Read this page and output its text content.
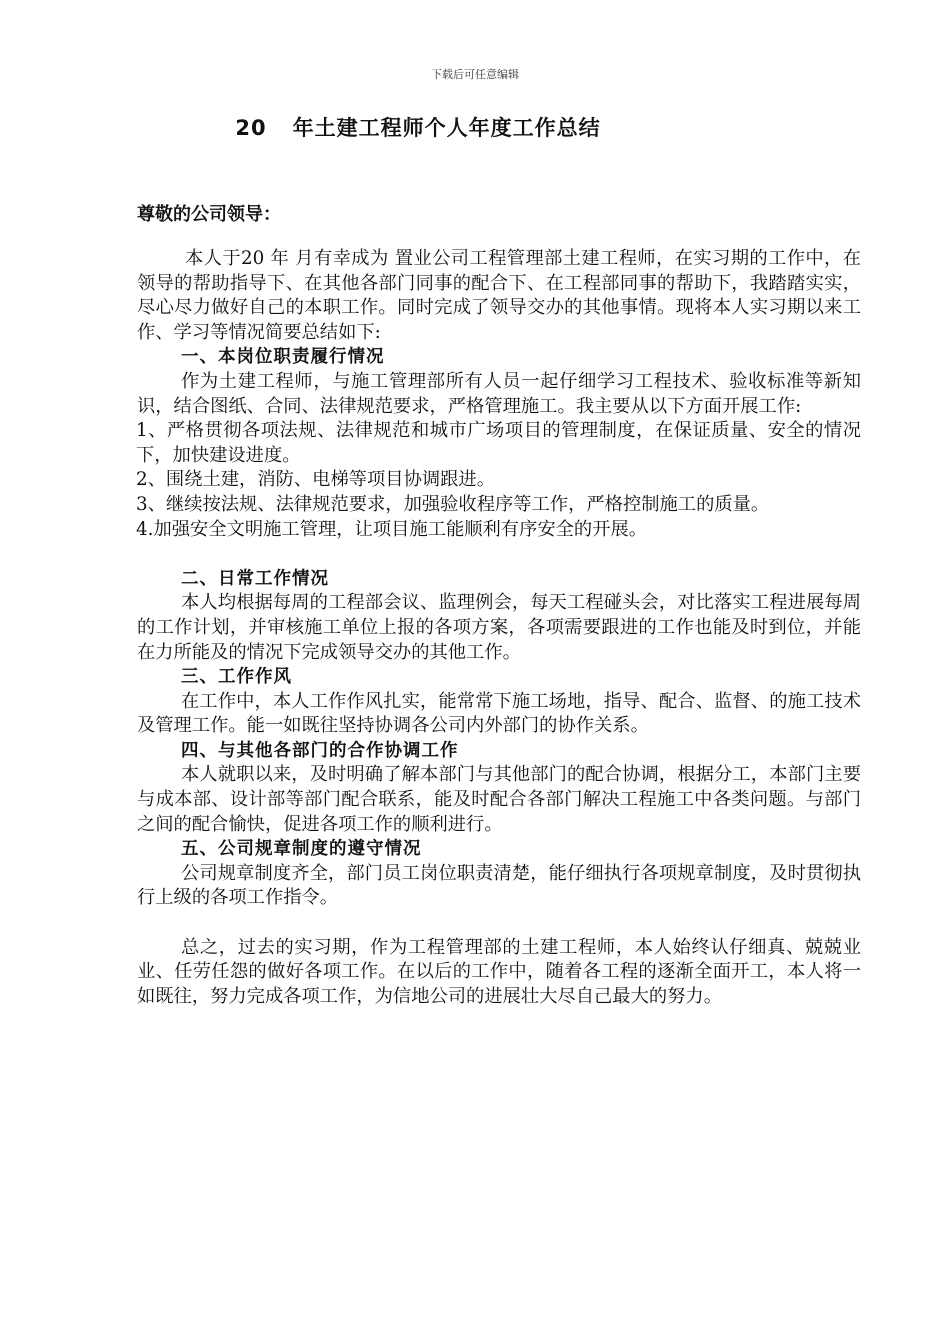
下载后可任意编辑
20 年土建工程师个人年度工作总结
尊敬的公司领导：

本人于20 年 月有幸成为 置业公司工程管理部土建工程师，在实习期的工作中，在领导的帮助指导下、在其他各部门同事的配合下、在工程部同事的帮助下，我踏踏实实，尽心尽力做好自己的本职工作。同时完成了领导交办的其他事情。现将本人实习期以来工作、学习等情况简要总结如下:

一、本岗位职责履行情况

作为土建工程师，与施工管理部所有人员一起仔细学习工程技术、验收标准等新知识，结合图纸、合同、法律规范要求，严格管理施工。我主要从以下方面开展工作:

1、严格贯彻各项法规、法律规范和城市广场项目的管理制度，在保证质量、安全的情况下，加快建设进度。

2、围绕土建，消防、电梯等项目协调跟进。

3、继续按法规、法律规范要求，加强验收程序等工作，严格控制施工的质量。

4.加强安全文明施工管理，让项目施工能顺利有序安全的开展。

二、日常工作情况

本人均根据每周的工程部会议、监理例会，每天工程碰头会，对比落实工程进展每周的工作计划，并审核施工单位上报的各项方案，各项需要跟进的工作也能及时到位，并能在力所能及的情况下完成领导交办的其他工作。

三、工作作风

在工作中，本人工作作风扎实，能常常下施工场地，指导、配合、监督、的施工技术及管理工作。能一如既往坚持协调各公司内外部门的协作关系。

四、与其他各部门的合作协调工作

本人就职以来，及时明确了解本部门与其他部门的配合协调，根据分工，本部门主要与成本部、设计部等部门配合联系，能及时配合各部门解决工程施工中各类问题。与部门之间的配合愉快，促进各项工作的顺利进行。

五、公司规章制度的遵守情况

公司规章制度齐全，部门员工岗位职责清楚，能仔细执行各项规章制度，及时贯彻执行上级的各项工作指令。

总之，过去的实习期，作为工程管理部的土建工程师，本人始终认仔细真、兢兢业业、任劳任怨的做好各项工作。在以后的工作中，随着各工程的逐渐全面开工，本人将一如既往，努力完成各项工作，为信地公司的进展壮大尽自己最大的努力。
